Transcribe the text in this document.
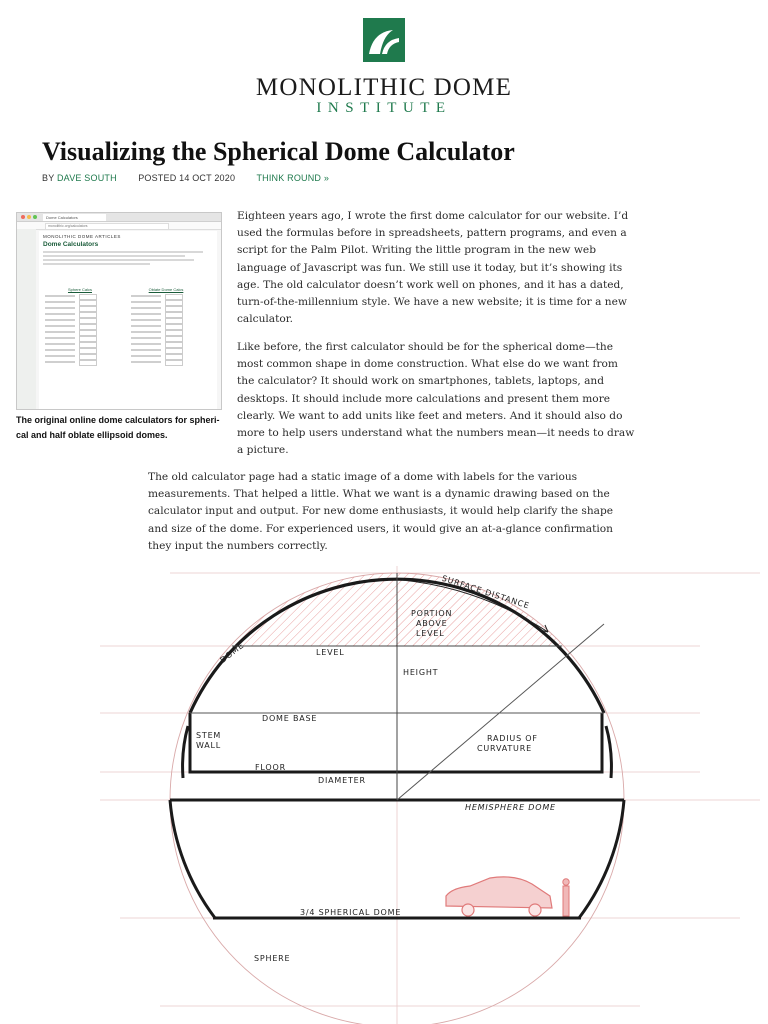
MONOLITHIC DOME
INSTITUTE
Visualizing the Spherical Dome Calculator
BY DAVE SOUTH POSTED 14 OCT 2020 THINK ROUND »
Dome Calculators
monolithic.org/calculators
MONOLITHIC DOME ARTICLES
Dome Calculators
Sphere Calcs	Oblate Dome Calcs
The original online dome calculators for spheri- cal and half oblate ellipsoid domes.

Eighteen years ago, I wrote the first dome calculator for our website. I’d used the formulas before in spreadsheets, pattern programs, and even a script for the Palm Pilot. Writing the little program in the new web language of Javascript was fun. We still use it today, but it’s showing its age. The old calculator doesn’t work well on phones, and it has a dated, turn-of-the-millennium style. We have a new website; it is time for a new calculator.

Like before, the first calculator should be for the spherical dome—the most common shape in dome construction. What else do we want from the calculator? It should work on smartphones, tablets, laptops, and desktops. It should include more calculations and present them more clearly. We want to add units like feet and meters. And it should also do more to help users understand what the numbers mean—it needs to draw a picture.

The old calculator page had a static image of a dome with labels for the various measurements. That helped a little. What we want is a dynamic drawing based on the calculator input and output. For new dome enthusiasts, it would help clarify the shape and size of the dome. For experienced users, it would give an at-a-glance confirmation they input the numbers correctly.

SURFACE DISTANCE
DOME
PORTION
ABOVE
LEVEL
LEVEL
HEIGHT
DOME BASE
STEM
WALL
RADIUS OF
CURVATURE
FLOOR
DIAMETER
HEMISPHERE DOME
3/4 SPHERICAL DOME
SPHERE
